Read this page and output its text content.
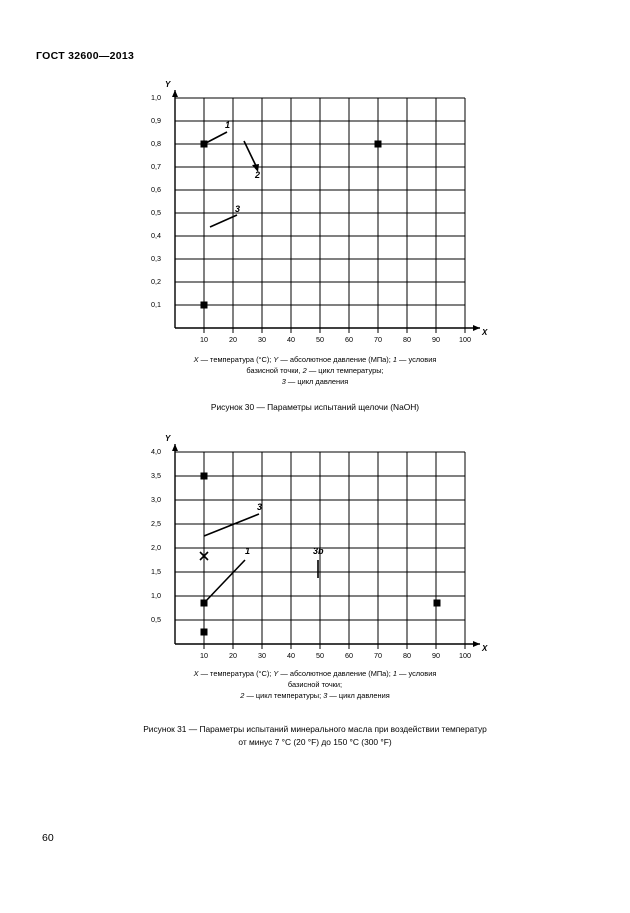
ГОСТ 32600—2013
1,0
0,9
0,8
0,7
0,6
0,5
0,4
0,3
0,2
0,1
10	20	30	40	50	60	70	80	90	100
Y
X
1
2
3
X — температура (°С); Y — абсолютное давление (МПа); 1 — условия базисной точки, 2 — цикл температуры;
3 — цикл давления
Рисунок 30 — Параметры испытаний щелочи (NaOH)
4,0
3,5
3,0
2,5
2,0
1,5
1,0
0,5
10	20	30	40	50	60	70	80	90	100
Y
X
3
1	3b
X — температура (°С); Y — абсолютное давление (МПа); 1 — условия базисной точки;
2 — цикл температуры; 3 — цикл давления
Рисунок 31 — Параметры испытаний минерального масла при воздействии температур
от минус 7 °С (20 °F) до 150 °С (300 °F)
60
